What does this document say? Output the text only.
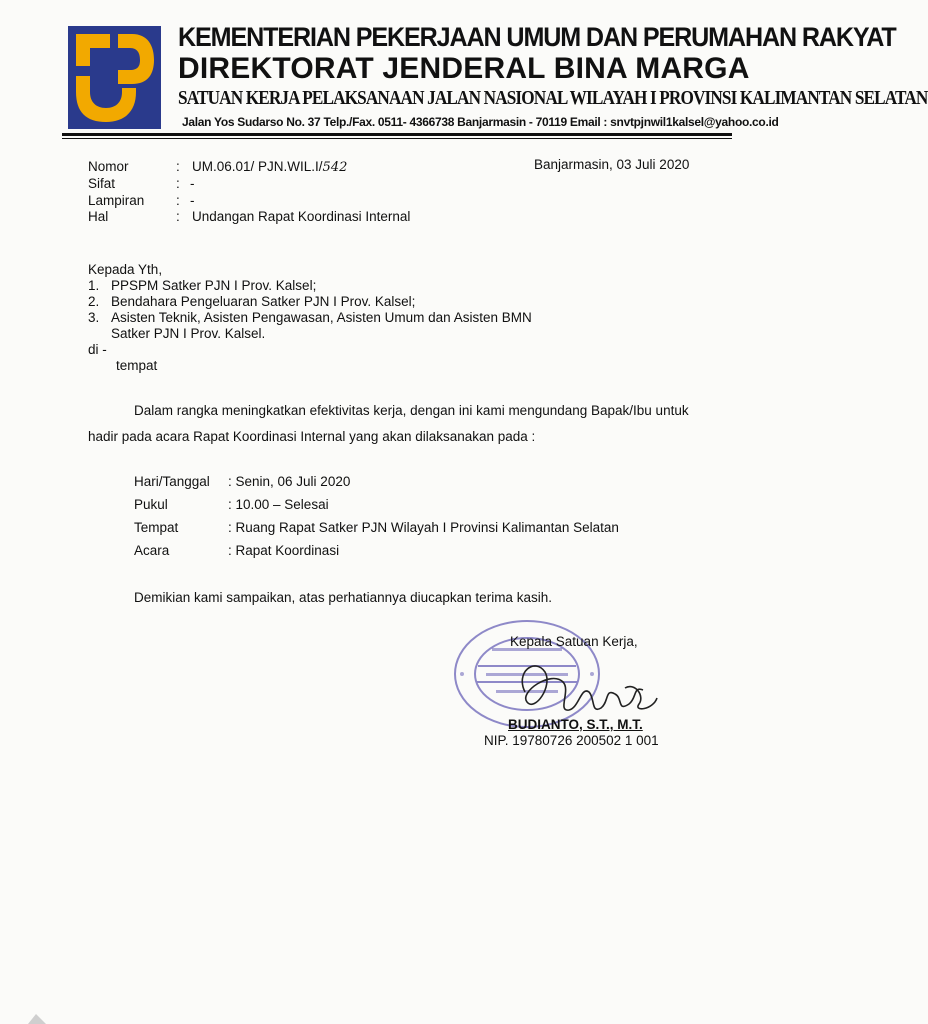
KEMENTERIAN PEKERJAAN UMUM DAN PERUMAHAN RAKYAT
DIREKTORAT JENDERAL BINA MARGA
SATUAN KERJA PELAKSANAAN JALAN NASIONAL WILAYAH I PROVINSI KALIMANTAN SELATAN
Jalan Yos Sudarso No. 37 Telp./Fax. 0511- 4366738 Banjarmasin - 70119 Email : snvtpjnwil1kalsel@yahoo.co.id
Nomor	: UM.06.01/ PJN.WIL.I/542	Banjarmasin, 03 Juli 2020
Sifat	: -
Lampiran : -
Hal	: Undangan Rapat Koordinasi Internal
Kepada Yth,
1. PPSPM Satker PJN I Prov. Kalsel;
2. Bendahara Pengeluaran Satker PJN I Prov. Kalsel;
3. Asisten Teknik, Asisten Pengawasan, Asisten Umum dan Asisten BMN
Satker PJN I Prov. Kalsel.
di -
tempat
Dalam rangka meningkatkan efektivitas kerja, dengan ini kami mengundang Bapak/Ibu untuk
hadir pada acara Rapat Koordinasi Internal yang akan dilaksanakan pada :
Hari/Tanggal : Senin, 06 Juli 2020
Pukul	: 10.00 – Selesai
Tempat	: Ruang Rapat Satker PJN Wilayah I Provinsi Kalimantan Selatan
Acara	: Rapat Koordinasi
Demikian kami sampaikan, atas perhatiannya diucapkan terima kasih.
Kepala Satuan Kerja,
BUDIANTO, S.T., M.T.
NIP. 19780726 200502 1 001
